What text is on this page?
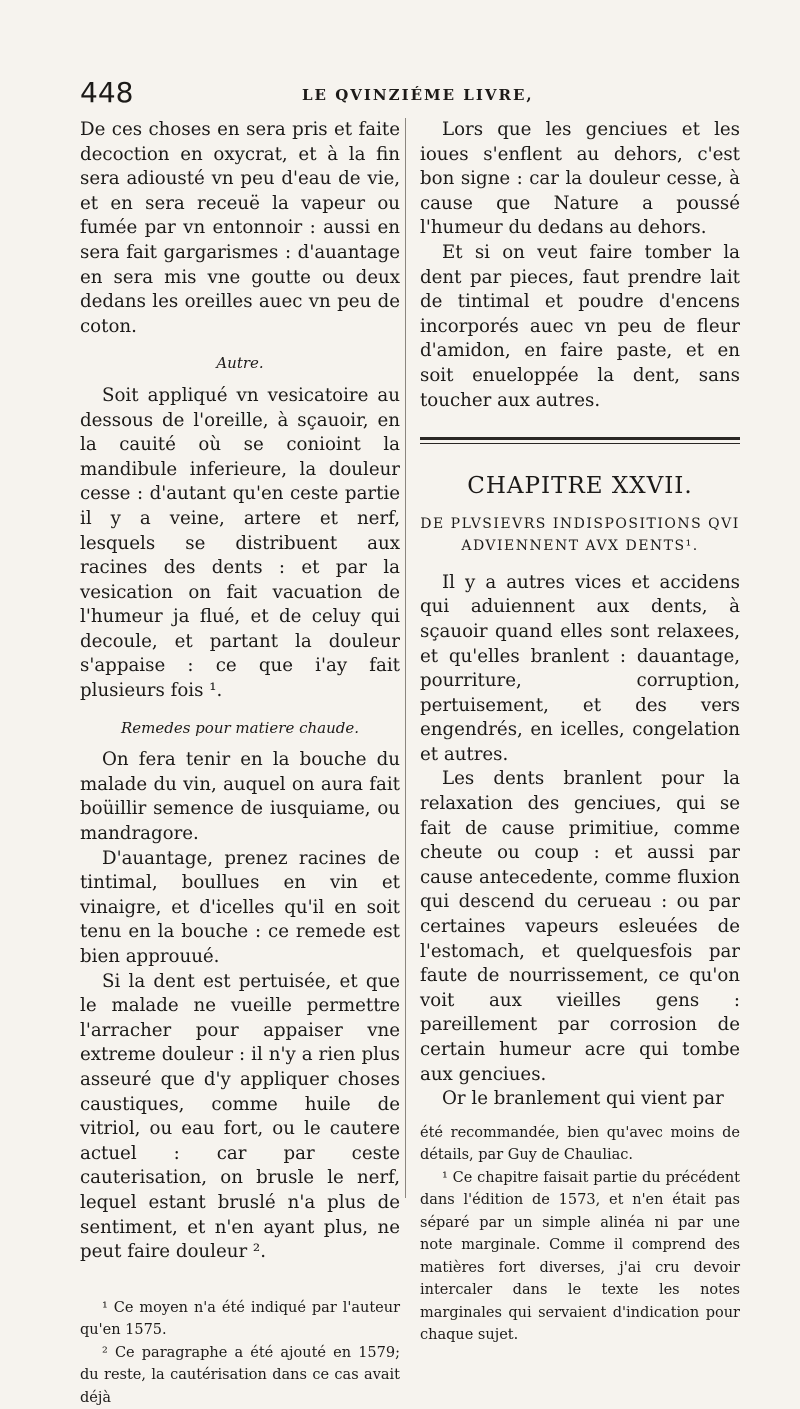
448	LE QVINZIÉME LIVRE,

De ces choses en sera pris et faite decoction en oxycrat, et à la fin sera adiousté vn peu d'eau de vie, et en sera receuë la vapeur ou fumée par vn entonnoir : aussi en sera fait gargarismes : d'auantage en sera mis vne goutte ou deux dedans les oreilles auec vn peu de coton.

Autre.

Soit appliqué vn vesicatoire au dessous de l'oreille, à sçauoir, en la cauité où se conioint la mandibule inferieure, la douleur cesse : d'autant qu'en ceste partie il y a veine, artere et nerf, lesquels se distribuent aux racines des dents : et par la vesication on fait vacuation de l'humeur ja flué, et de celuy qui decoule, et partant la douleur s'appaise : ce que i'ay fait plusieurs fois ¹.

Remedes pour matiere chaude.

On fera tenir en la bouche du malade du vin, auquel on aura fait boüillir semence de iusquiame, ou mandragore.

D'auantage, prenez racines de tintimal, boullues en vin et vinaigre, et d'icelles qu'il en soit tenu en la bouche : ce remede est bien approuué.

Si la dent est pertuisée, et que le malade ne vueille permettre l'arracher pour appaiser vne extreme douleur : il n'y a rien plus asseuré que d'y appliquer choses caustiques, comme huile de vitriol, ou eau fort, ou le cautere actuel : car par ceste cauterisation, on brusle le nerf, lequel estant bruslé n'a plus de sentiment, et n'en ayant plus, ne peut faire douleur ².

¹ Ce moyen n'a été indiqué par l'auteur qu'en 1575.

² Ce paragraphe a été ajouté en 1579; du reste, la cautérisation dans ce cas avait déjà

Lors que les genciues et les ioues s'enflent au dehors, c'est bon signe : car la douleur cesse, à cause que Nature a poussé l'humeur du dedans au dehors.

Et si on veut faire tomber la dent par pieces, faut prendre lait de tintimal et poudre d'encens incorporés auec vn peu de fleur d'amidon, en faire paste, et en soit enueloppée la dent, sans toucher aux autres.

CHAPITRE XXVII.
DE PLVSIEVRS INDISPOSITIONS QVI ADVIENNENT AVX DENTS¹.

Il y a autres vices et accidens qui aduiennent aux dents, à sçauoir quand elles sont relaxees, et qu'elles branlent : dauantage, pourriture, corruption, pertuisement, et des vers engendrés, en icelles, congelation et autres.

Les dents branlent pour la relaxation des genciues, qui se fait de cause primitiue, comme cheute ou coup : et aussi par cause antecedente, comme fluxion qui descend du cerueau : ou par certaines vapeurs esleuées de l'estomach, et quelquesfois par faute de nourrissement, ce qu'on voit aux vieilles gens : pareillement par corrosion de certain humeur acre qui tombe aux genciues.

Or le branlement qui vient par

été recommandée, bien qu'avec moins de détails, par Guy de Chauliac.

¹ Ce chapitre faisait partie du précédent dans l'édition de 1573, et n'en était pas séparé par un simple alinéa ni par une note marginale. Comme il comprend des matières fort diverses, j'ai cru devoir intercaler dans le texte les notes marginales qui servaient d'indication pour chaque sujet.
